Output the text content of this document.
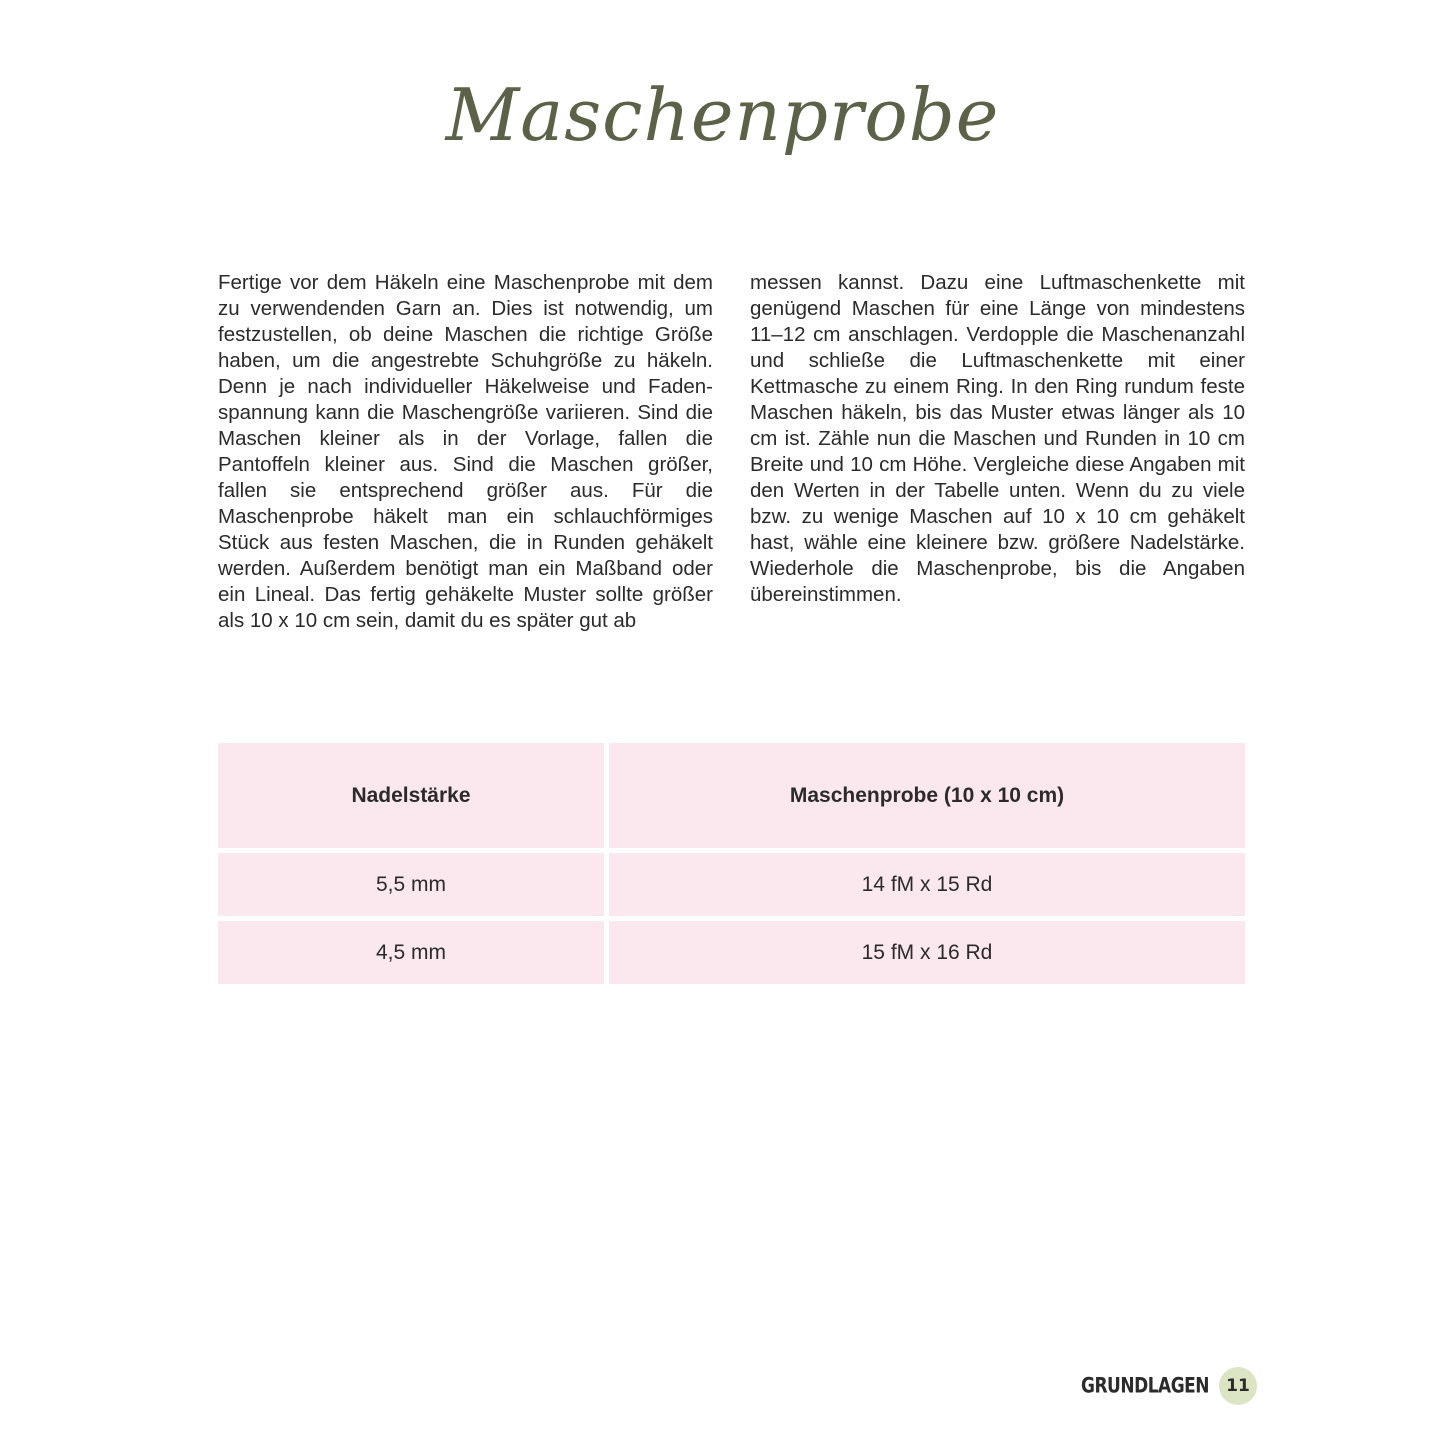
Maschenprobe
Fertige vor dem Häkeln eine Maschenprobe mit dem zu verwendenden Garn an. Dies ist notwendig, um festzustellen, ob deine Maschen die richtige Größe haben, um die angestrebte Schuhgröße zu häkeln. Denn je nach individueller Häkelweise und Fadenspannung kann die Maschengröße variieren. Sind die Maschen kleiner als in der Vorlage, fallen die Pantoffeln kleiner aus. Sind die Maschen größer, fallen sie entsprechend größer aus. Für die Maschenprobe häkelt man ein schlauchförmiges Stück aus festen Maschen, die in Runden gehäkelt werden. Außerdem benötigt man ein Maßband oder ein Lineal. Das fertig gehäkelte Muster sollte größer als 10 x 10 cm sein, damit du es später gut ab
messen kannst. Dazu eine Luftmaschenkette mit genügend Maschen für eine Länge von mindestens 11–12 cm anschlagen. Verdopple die Maschenanzahl und schließe die Luftmaschenkette mit einer Kettmasche zu einem Ring. In den Ring rundum feste Maschen häkeln, bis das Muster etwas länger als 10 cm ist. Zähle nun die Maschen und Runden in 10 cm Breite und 10 cm Höhe. Vergleiche diese Angaben mit den Werten in der Tabelle unten. Wenn du zu viele bzw. zu wenige Maschen auf 10 x 10 cm gehäkelt hast, wähle eine kleinere bzw. größere Nadelstärke. Wiederhole die Maschenprobe, bis die Angaben übereinstimmen.
Nadelstärke	Maschenprobe (10 x 10 cm)
5,5 mm	14 fM x 15 Rd
4,5 mm	15 fM x 16 Rd
GRUNDLAGEN	11
